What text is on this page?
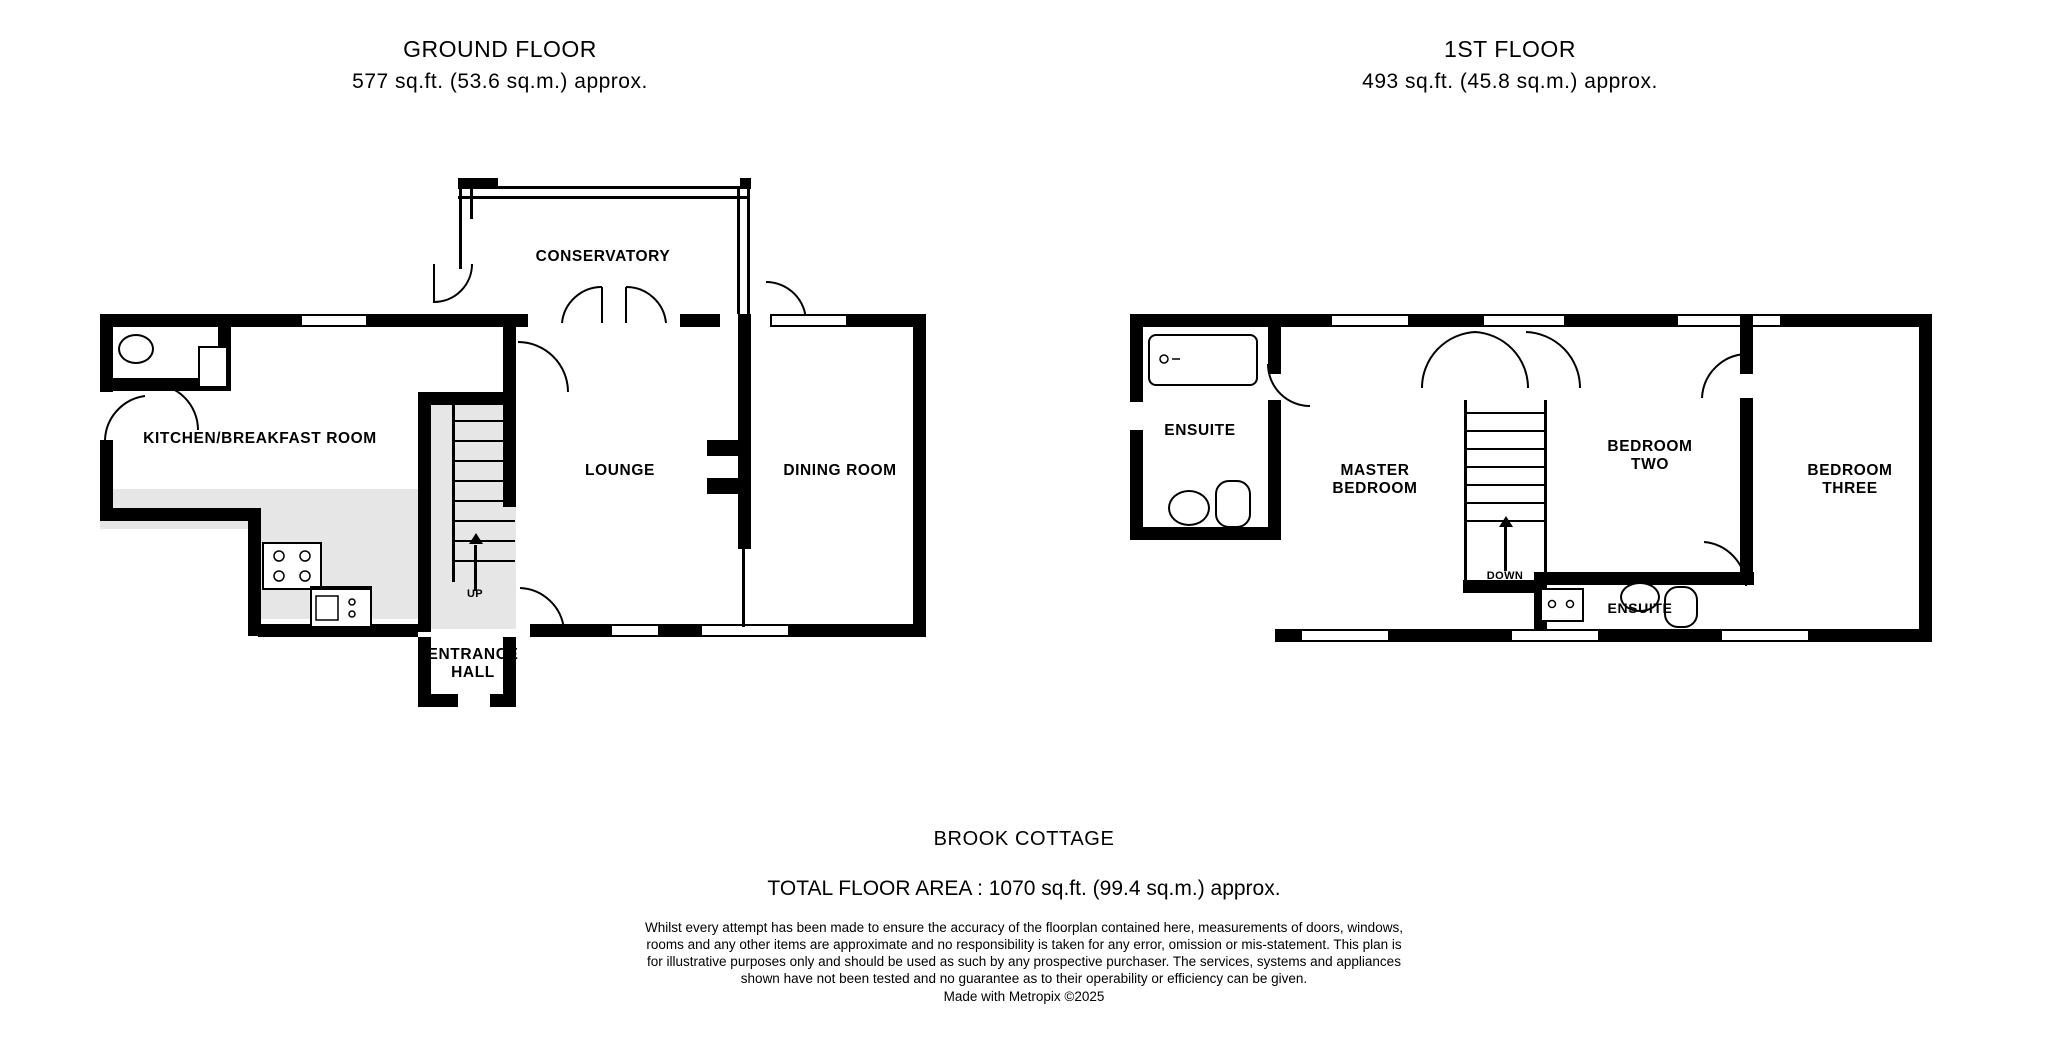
GROUND FLOOR
577 sq.ft. (53.6 sq.m.) approx.
1ST FLOOR
493 sq.ft. (45.8 sq.m.) approx.
CONSERVATORY
KITCHEN/BREAKFAST ROOM
UP
ENTRANCE
HALL
LOUNGE	DINING ROOM
ENSUITE
MASTER
BEDROOM
DOWN
BEDROOM
TWO	BEDROOM
THREE
ENSUITE
BROOK COTTAGE
TOTAL FLOOR AREA : 1070 sq.ft. (99.4 sq.m.) approx.
Whilst every attempt has been made to ensure the accuracy of the floorplan contained here, measurements of doors, windows, rooms and any other items are approximate and no responsibility is taken for any error, omission or mis-statement. This plan is for illustrative purposes only and should be used as such by any prospective purchaser. The services, systems and appliances shown have not been tested and no guarantee as to their operability or efficiency can be given.
Made with Metropix ©2025
